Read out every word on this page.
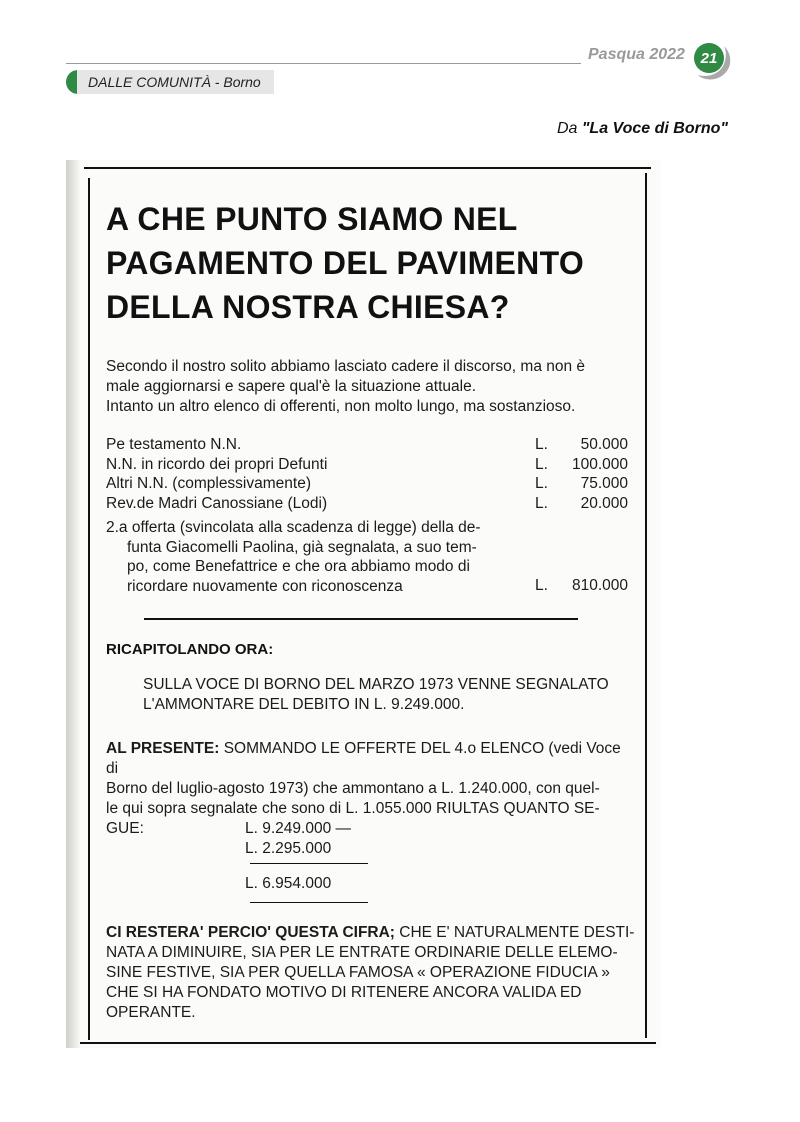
Pasqua 2022	21
DALLE COMUNITÀ - Borno
Da "La Voce di Borno"
A CHE PUNTO SIAMO NEL
PAGAMENTO DEL PAVIMENTO
DELLA NOSTRA CHIESA?
Secondo il nostro solito abbiamo lasciato cadere il discorso, ma non è
male aggiornarsi e sapere qual'è la situazione attuale.
Intanto un altro elenco di offerenti, non molto lungo, ma sostanzioso.
Pe testamento N.N.	L. 50.000
N.N. in ricordo dei propri Defunti	L. 100.000
Altri N.N. (complessivamente)	L. 75.000
Rev.de Madri Canossiane (Lodi)	L. 20.000
2.a offerta (svincolata alla scadenza di legge) della de-
funta Giacomelli Paolina, già segnalata, a suo tem-
po, come Benefattrice e che ora abbiamo modo di
ricordare nuovamente con riconoscenza	L. 810.000
RICAPITOLANDO ORA:
SULLA VOCE DI BORNO DEL MARZO 1973 VENNE SEGNALATO
L'AMMONTARE DEL DEBITO IN L. 9.249.000.
AL PRESENTE: SOMMANDO LE OFFERTE DEL 4.o ELENCO (vedi Voce di
Borno del luglio-agosto 1973) che ammontano a L. 1.240.000, con quel-
le qui sopra segnalate che sono di L. 1.055.000 RIULTAS QUANTO SE-
GUE:	L. 9.249.000 —
L. 2.295.000
L. 6.954.000
CI RESTERA' PERCIO' QUESTA CIFRA; CHE E' NATURALMENTE DESTI-
NATA A DIMINUIRE, SIA PER LE ENTRATE ORDINARIE DELLE ELEMO-
SINE FESTIVE, SIA PER QUELLA FAMOSA « OPERAZIONE FIDUCIA »
CHE SI HA FONDATO MOTIVO DI RITENERE ANCORA VALIDA ED
OPERANTE.
